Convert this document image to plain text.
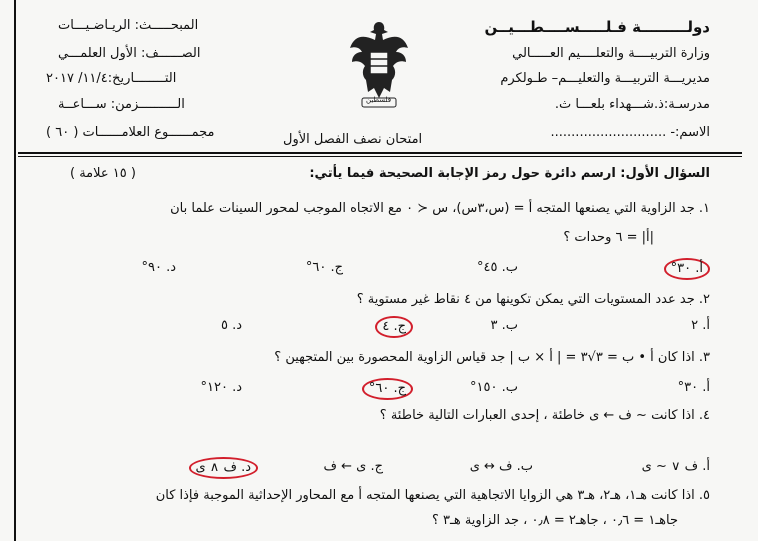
دولـــــــــة فـلـــــســــطـــيــن
وزارة التربيــــة والتعلــــيم العـــــالي
مديريـــة التربيـــة والتعليـــم– طـولكرم
مدرسـة:ذ.شـــهداء بلعـــا ث.
الاسم:- ............................
المبحـــــث: الريـاضـيـــات
الصــــــف: الأول العلمـــي
التــــــــاريخ:١١/٤/ ٢٠١٧
الــــــــــزمن: ســـاعــة
مجمــــــوع العلامــــــات ( ٦٠ )
فلسطين
امتحان نصف الفصل الأول
السؤال الأول: ارسم دائرة حول رمز الإجابة الصحيحة فيما يأتي:
( ١٥ علامة )
١. جد الزاوية التي يصنعها المتجه أ = (س،٣س)، س ≺ ٠ مع الاتجاه الموجب لمحور السينات علما بان
|أ| = ٦ وحدات ؟
أ. ٣٠°
ب. ٤٥°
ج. ٦٠°
د. ٩٠°
٢. جد عدد المستويات التي يمكن تكوينها من ٤ نقاط غير مستوية ؟
أ. ٢
ب. ٣
ج. ٤
د. ٥
٣. اذا كان أ • ب = ٣√٣ = | أ × ب | جد قياس الزاوية المحصورة بين المتجهين ؟
أ. ٣٠°
ب. ١٥٠°
ج. ٦٠°
د. ١٢٠°
٤. اذا كانت ~ ف ← ى خاطئة ، إحدى العبارات التالية خاطئة ؟
أ. ف ∨ ~ ى
ب. ف ↔ ى
ج. ى ← ف
د. ف ∧ ى
٥. اذا كانت هـ١، هـ٢، هـ٣ هي الزوايا الاتجاهية التي يصنعها المتجه أ مع المحاور الإحداثية الموجبة فإذا كان
جاهـ١ = ٠٫٦ ، جاهـ٢ = ٠٫٨ ، جد الزاوية هـ٣ ؟
